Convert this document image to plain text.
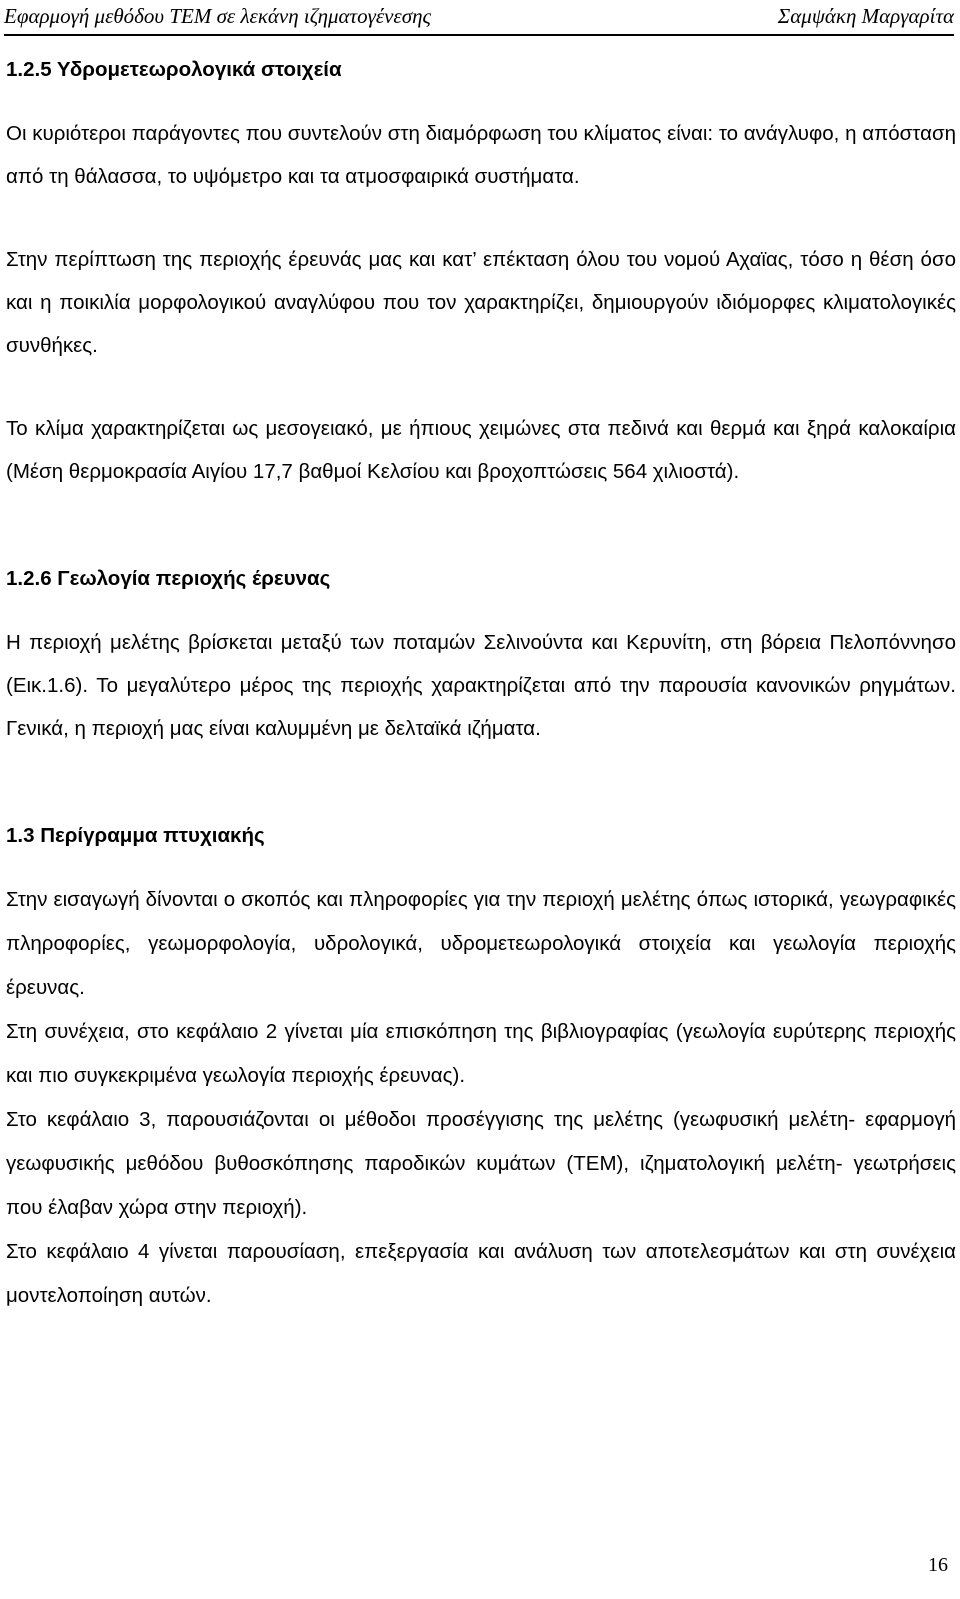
Εφαρμογή μεθόδου TEM σε λεκάνη ιζηματογένεσης	Σαμψάκη Μαργαρίτα
1.2.5 Υδρομετεωρολογικά στοιχεία

Οι κυριότεροι παράγοντες που συντελούν στη διαμόρφωση του κλίματος είναι: το ανάγλυφο, η απόσταση από τη θάλασσα, το υψόμετρο και τα ατμοσφαιρικά συστήματα.

Στην περίπτωση της περιοχής έρευνάς μας και κατ’ επέκταση όλου του νομού Αχαϊας, τόσο η θέση όσο και η ποικιλία μορφολογικού αναγλύφου που τον χαρακτηρίζει, δημιουργούν ιδιόμορφες κλιματολογικές συνθήκες.

Το κλίμα χαρακτηρίζεται ως μεσογειακό, με ήπιους χειμώνες στα πεδινά και θερμά και ξηρά καλοκαίρια (Μέση θερμοκρασία Αιγίου 17,7 βαθμοί Κελσίου και βροχοπτώσεις 564 χιλιοστά).

1.2.6 Γεωλογία περιοχής έρευνας

Η περιοχή μελέτης βρίσκεται μεταξύ των ποταμών Σελινούντα και Κερυνίτη, στη βόρεια Πελοπόννησο (Εικ.1.6). Το μεγαλύτερο μέρος της περιοχής χαρακτηρίζεται από την παρουσία κανονικών ρηγμάτων. Γενικά, η περιοχή μας είναι καλυμμένη με δελταϊκά ιζήματα.

1.3 Περίγραμμα πτυχιακής

Στην εισαγωγή δίνονται ο σκοπός και πληροφορίες για την περιοχή μελέτης όπως ιστορικά, γεωγραφικές πληροφορίες, γεωμορφολογία, υδρολογικά, υδρομετεωρολογικά στοιχεία και γεωλογία περιοχής έρευνας.

Στη συνέχεια, στο κεφάλαιο 2 γίνεται μία επισκόπηση της βιβλιογραφίας (γεωλογία ευρύτερης περιοχής και πιο συγκεκριμένα γεωλογία περιοχής έρευνας).

Στο κεφάλαιο 3, παρουσιάζονται οι μέθοδοι προσέγγισης της μελέτης (γεωφυσική μελέτη- εφαρμογή γεωφυσικής μεθόδου βυθοσκόπησης παροδικών κυμάτων (TEM), ιζηματολογική μελέτη- γεωτρήσεις που έλαβαν χώρα στην περιοχή).

Στο κεφάλαιο 4 γίνεται παρουσίαση, επεξεργασία και ανάλυση των αποτελεσμάτων και στη συνέχεια μοντελοποίηση αυτών.

16
